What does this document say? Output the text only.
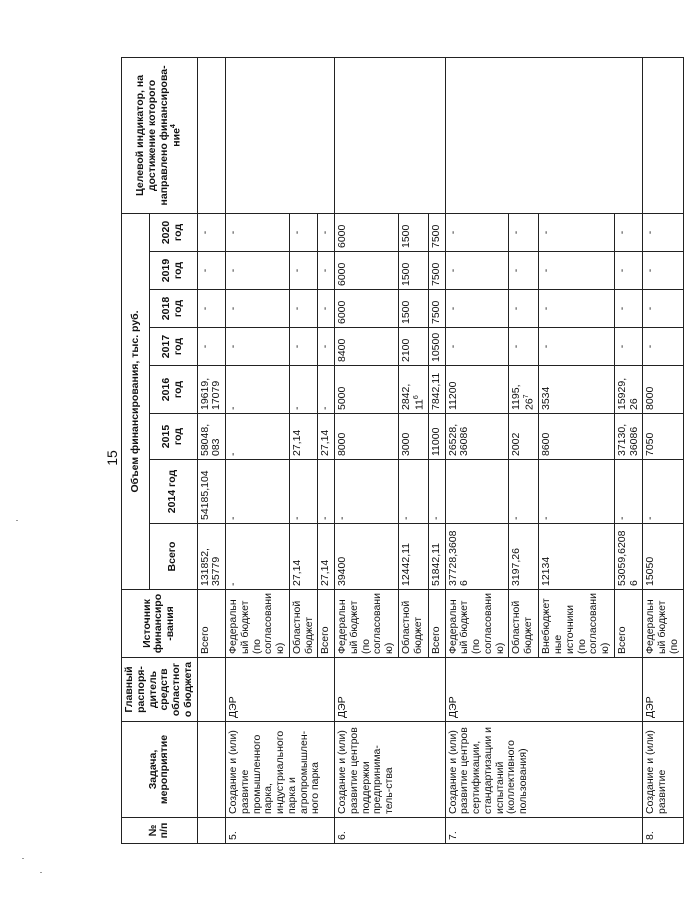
15
№ п/п	Задача, мероприятие	Главный распоря-дитель средств областного бюджета	Источник финансиро-вания	Объем финансирования, тыс. руб.								Целевой индикатор, на достижение которого направлено финансирова-ние$^4$
				Всего	2014 год	2015 год	2016 год	2017 год	2018 год	2019 год	2020 год	
			Всего	131852, 35779	54185,104	58048, 083	19619, 17079	-	-	-	-	
5.	Создание и (или) развитие промышленного парка, индустриального парка и агропромышлен-ного парка	ДЭР	Федеральный бюджет (по согласованию)	-	-	-	-	-	-	-	-	
			Областной бюджет	27,14	-	27,14	-	-	-	-	-	
			Всего	27,14	-	27,14	-	-	-	-	-	
6.	Создание и (или) развитие центров поддержки предпринима-тель-ства	ДЭР	Федеральный бюджет (по согласованию)	39400	-	8000	5000	8400	6000	6000	6000	
			Областной бюджет	12442,11	-	3000	2842, $11^6$	2100	1500	1500	1500	
			Всего	51842,11	-	11000	7842,11	10500	7500	7500	7500	
7.	Создание и (или) развитие центров сертификации, стандартизации и испытаний (коллективного пользования)	ДЭР	Федеральный бюджет (по согласованию)	37728,36086		26528, 36086	11200	-	-	-	-	
			Областной бюджет	3197,26	-	2002	1195, $26^7$	-	-	-	-	
			Внебюджетные источники (по согласованию)	12134	-	8600	3534	-	-	-	-	
			Всего	53059,62086	-	37130, 36086	15929, 26	-	-	-	-	
8.	Создание и (или) развитие	ДЭР	Федеральный бюджет (по	15050	-	7050	8000	-	-	-	-	
